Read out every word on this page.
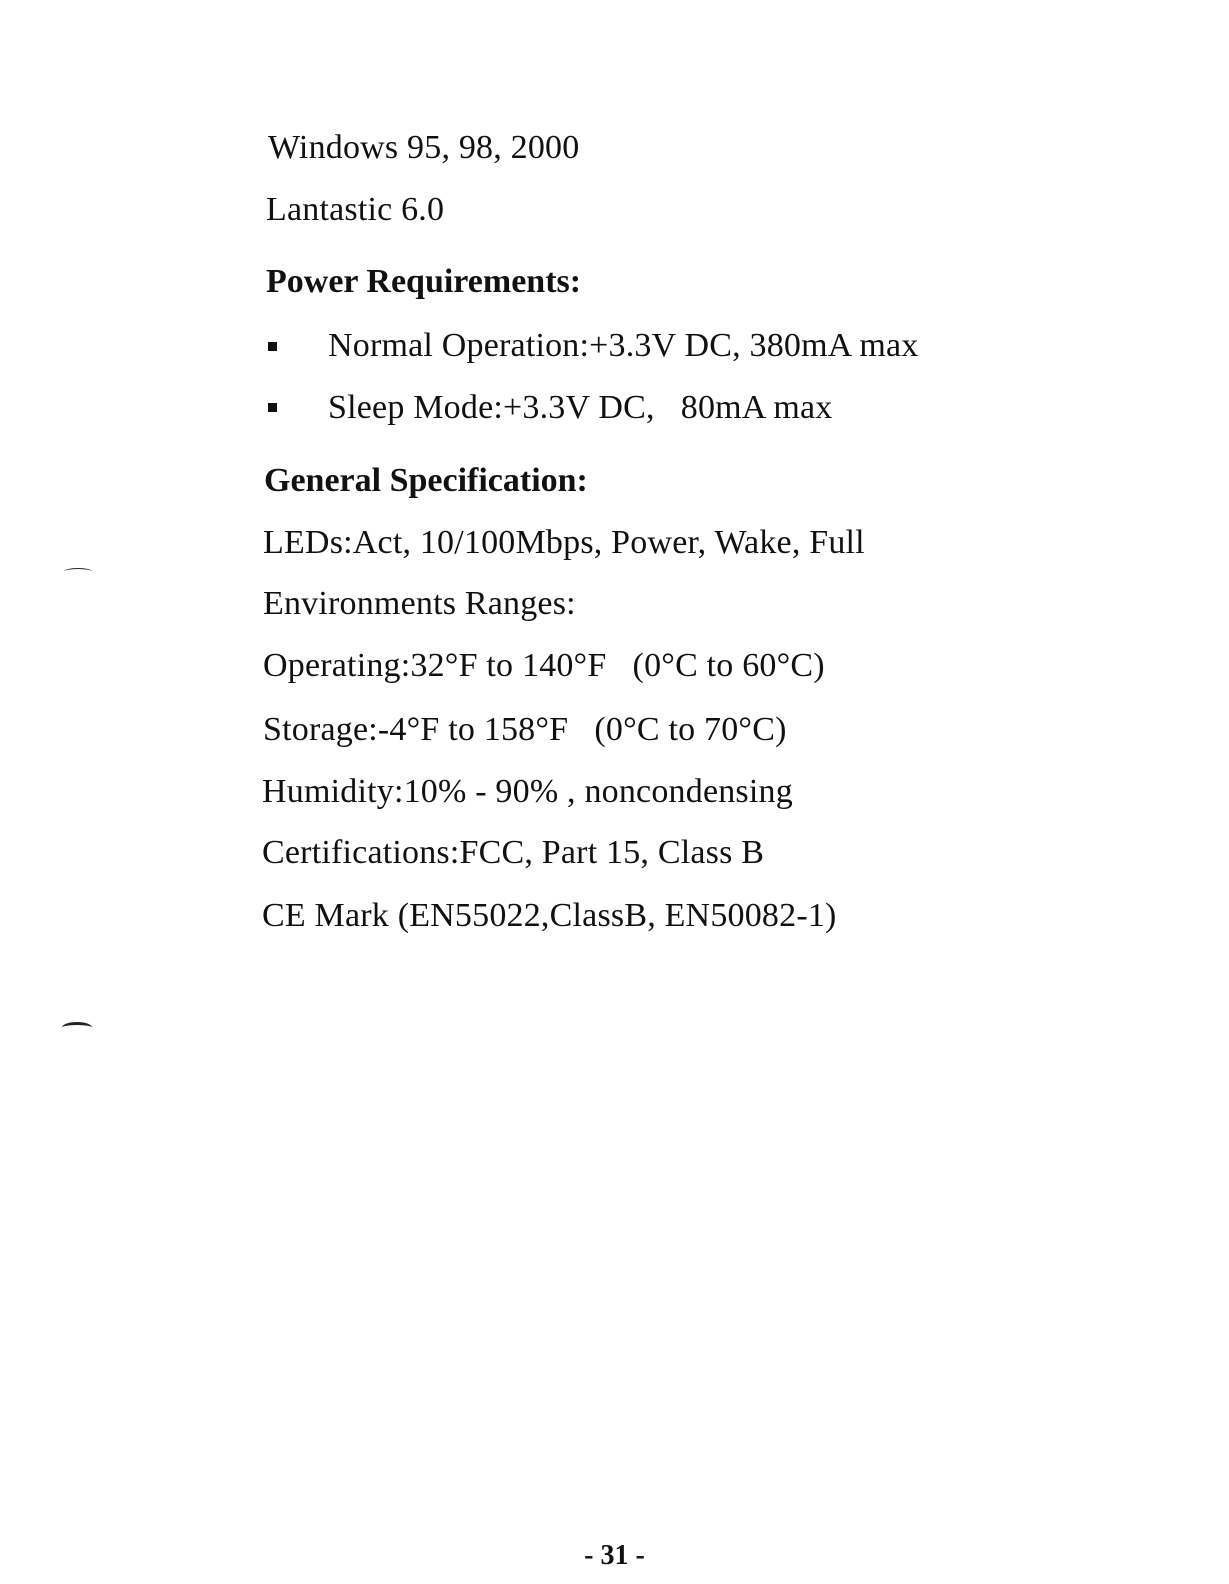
Windows 95, 98, 2000
Lantastic 6.0
Power Requirements:
Normal Operation:+3.3V DC, 380mA max
Sleep Mode:+3.3V DC,   80mA max
General Specification:
LEDs:Act, 10/100Mbps, Power, Wake, Full
Environments Ranges:
Operating:32°F to 140°F   (0°C to 60°C)
Storage:-4°F to 158°F   (0°C to 70°C)
Humidity:10% - 90% , noncondensing
Certifications:FCC, Part 15, Class B
CE Mark (EN55022,ClassB, EN50082-1)
- 31 -
